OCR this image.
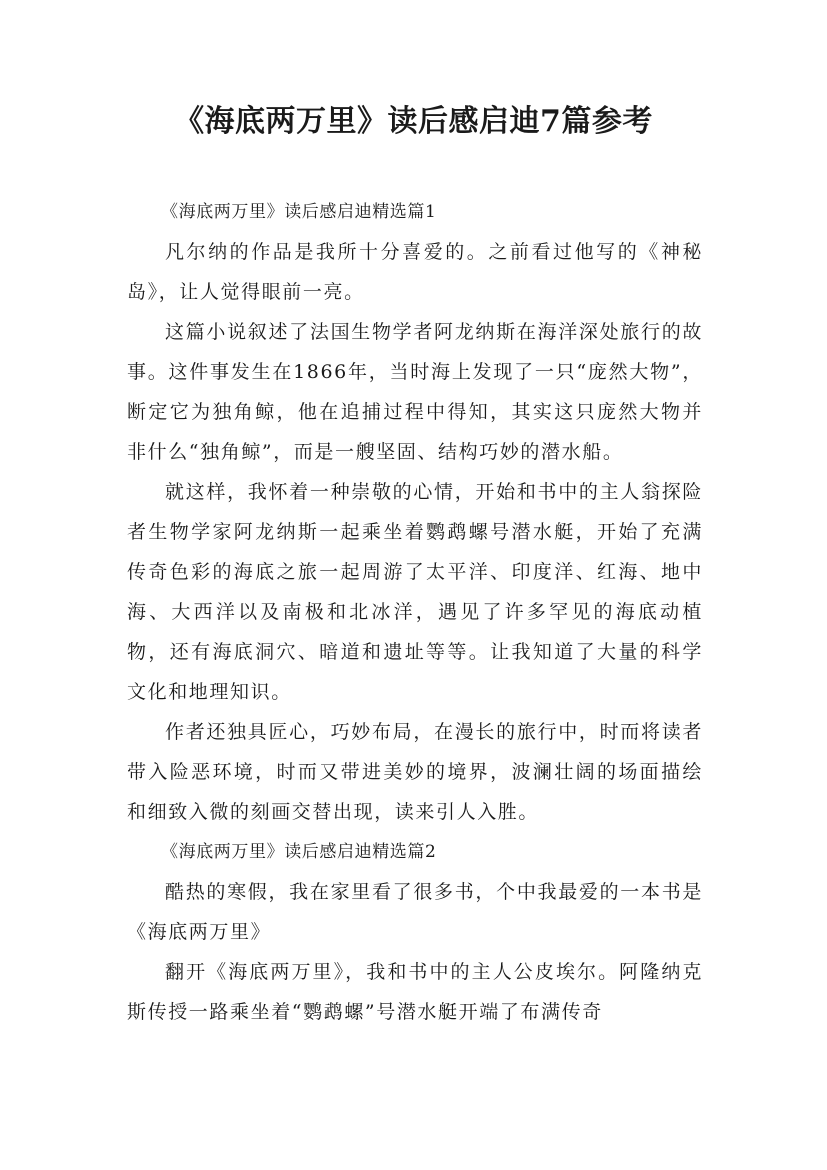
《海底两万里》读后感启迪7篇参考

《海底两万里》读后感启迪精选篇1

凡尔纳的作品是我所十分喜爱的。之前看过他写的《神秘岛》，让人觉得眼前一亮。

这篇小说叙述了法国生物学者阿龙纳斯在海洋深处旅行的故事。这件事发生在1866年，当时海上发现了一只“庞然大物”，断定它为独角鲸，他在追捕过程中得知，其实这只庞然大物并非什么“独角鲸”，而是一艘坚固、结构巧妙的潜水船。

就这样，我怀着一种崇敬的心情，开始和书中的主人翁探险者生物学家阿龙纳斯一起乘坐着鹦鹉螺号潜水艇，开始了充满传奇色彩的海底之旅一起周游了太平洋、印度洋、红海、地中海、大西洋以及南极和北冰洋，遇见了许多罕见的海底动植物，还有海底洞穴、暗道和遗址等等。让我知道了大量的科学文化和地理知识。

作者还独具匠心，巧妙布局，在漫长的旅行中，时而将读者带入险恶环境，时而又带进美妙的境界，波澜壮阔的场面描绘和细致入微的刻画交替出现，读来引人入胜。

《海底两万里》读后感启迪精选篇2

酷热的寒假，我在家里看了很多书，个中我最爱的一本书是《海底两万里》

翻开《海底两万里》，我和书中的主人公皮埃尔。阿隆纳克斯传授一路乘坐着“鹦鹉螺”号潜水艇开端了布满传奇
